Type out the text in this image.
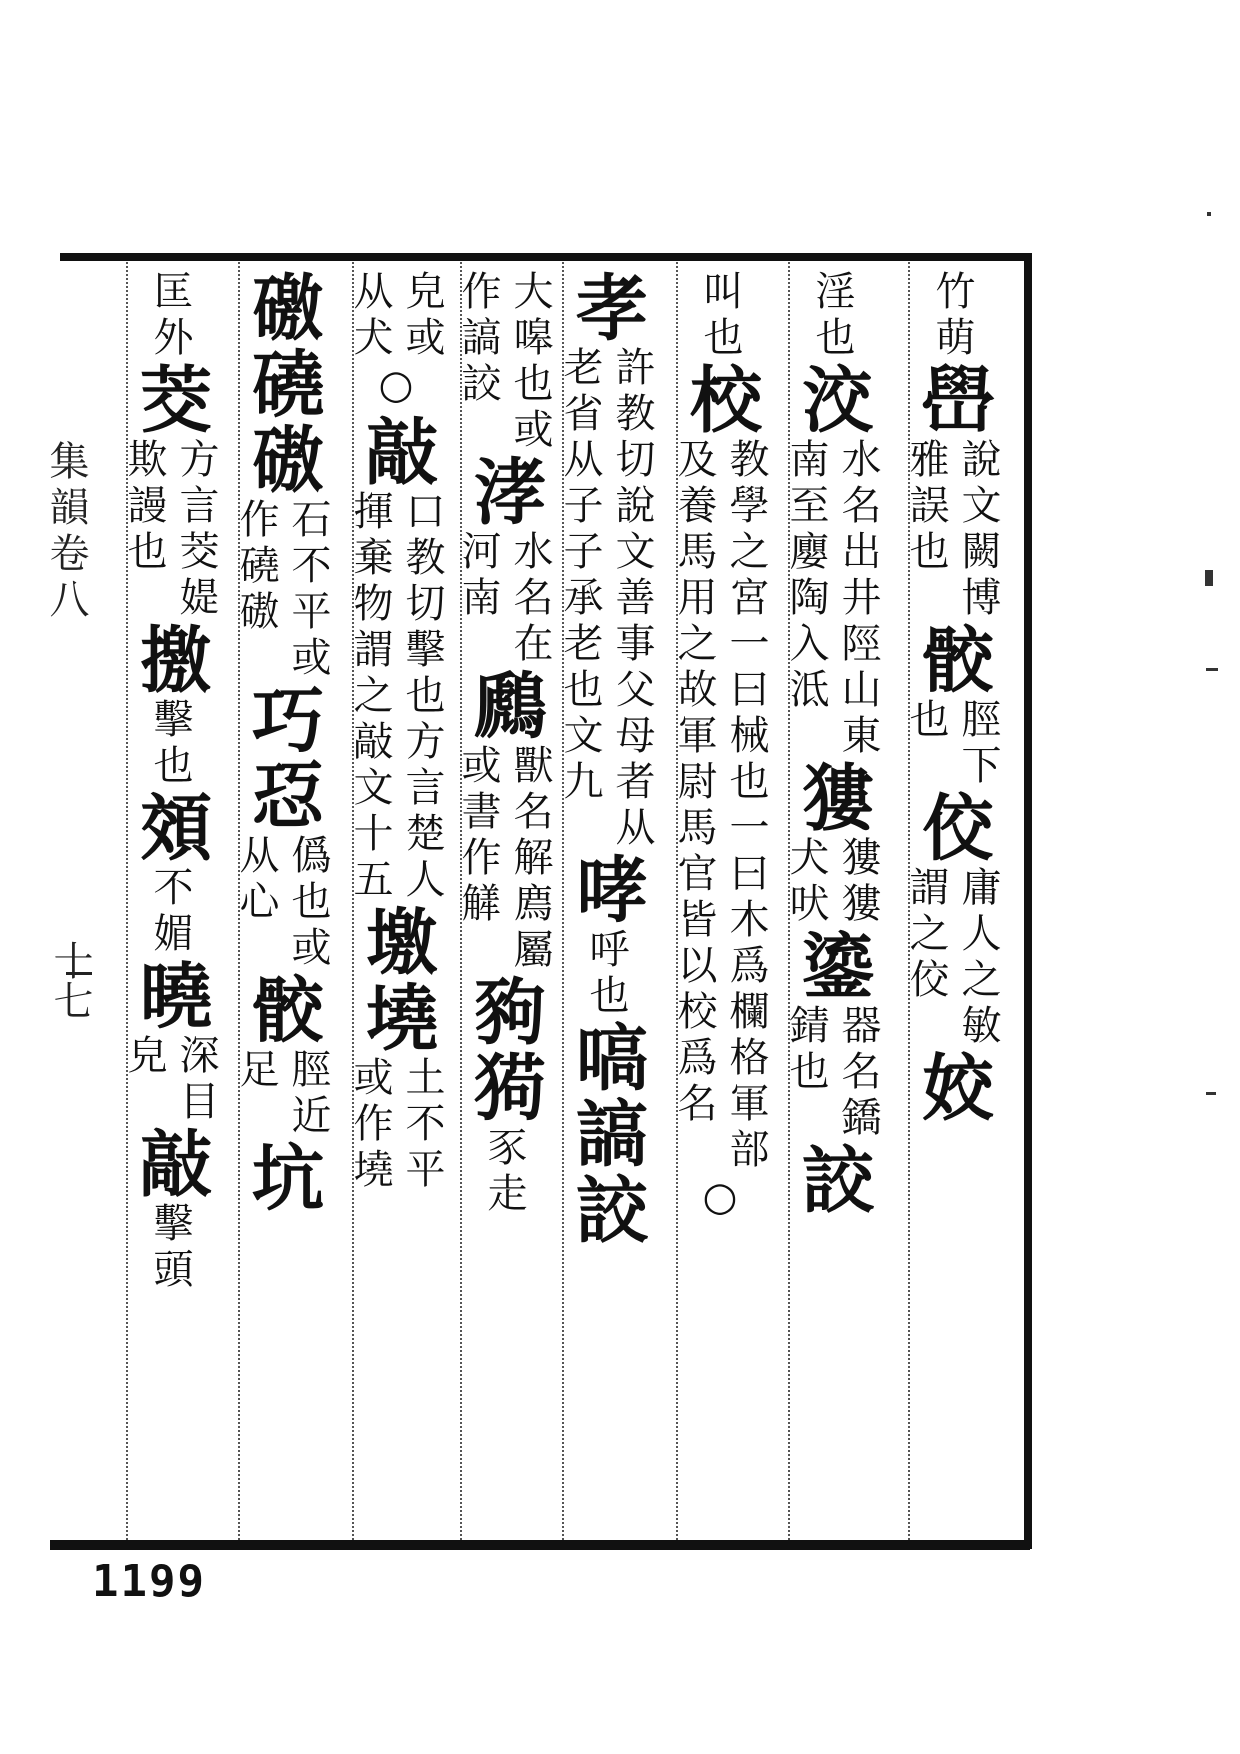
集韻卷八
十七
竹萌
嶨
說文闕博雅誤也
骹
脛下也
佼
庸人之敏謂之佼
姣
淫也
洨
水名出井陘山東南至廮陶入泜
㺏
㺏㺏犬吠
鎏
器名鐈錆也
詨
叫也
校
教學之宮一曰械也一曰木爲欄格軍部及養馬用之故軍尉馬官皆以校爲名
○
孝
許教切說文善事父母者从老省从子子承老也文九
哮
呼也
嗃謞詨
大嗥也或作謞詨
涍
水名在河南
鷉
獸名解廌屬或書作觲
豞㺃
豕走
皃或从犬
○
敲
口教切擊也方言楚人揮棄物謂之敲文十五
墽墝
土不平或作墝
礉磽磝
石不平或作磽磝
巧㤍
僞也或从心
骹
脛近足
坑
匡外
茭
方言茭媞欺謾也
撽
擊也
頝
不媚
曉
深目皃
敲
擊頭
1199
